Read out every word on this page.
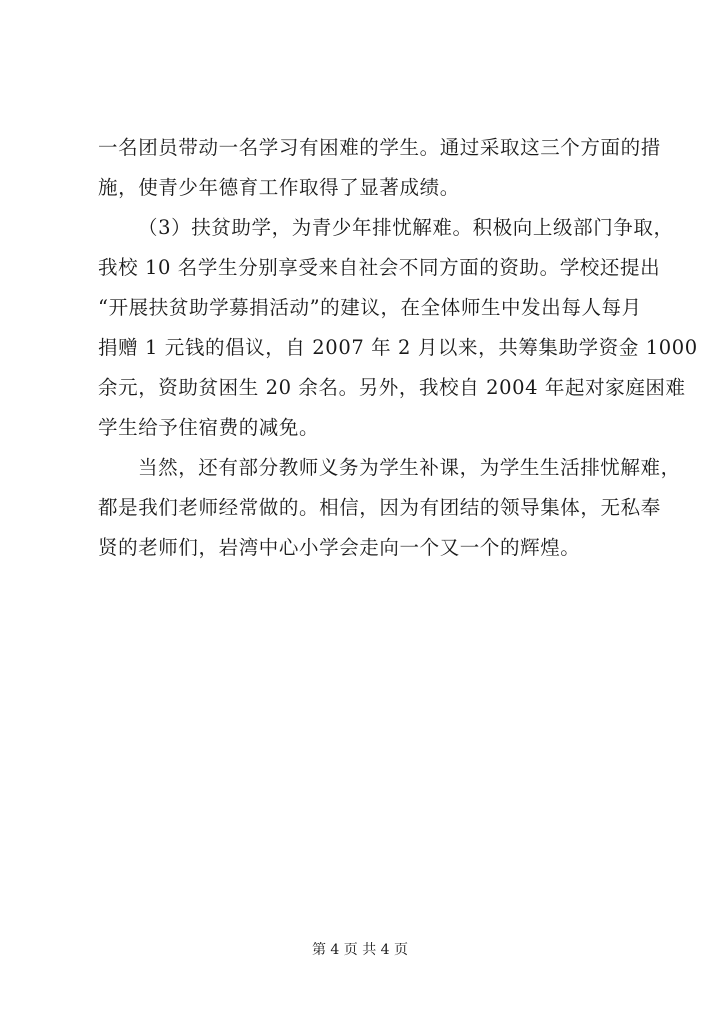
一名团员带动一名学习有困难的学生。通过采取这三个方面的措
施，使青少年德育工作取得了显著成绩。
（3）扶贫助学，为青少年排忧解难。积极向上级部门争取，
我校 10 名学生分别享受来自社会不同方面的资助。学校还提出
“开展扶贫助学募捐活动”的建议，在全体师生中发出每人每月
捐赠 1 元钱的倡议，自 2007 年 2 月以来，共筹集助学资金 1000
余元，资助贫困生 20 余名。另外，我校自 2004 年起对家庭困难
学生给予住宿费的减免。
当然，还有部分教师义务为学生补课，为学生生活排忧解难，
都是我们老师经常做的。相信，因为有团结的领导集体，无私奉
贤的老师们，岩湾中心小学会走向一个又一个的辉煌。
第 4 页 共 4 页
